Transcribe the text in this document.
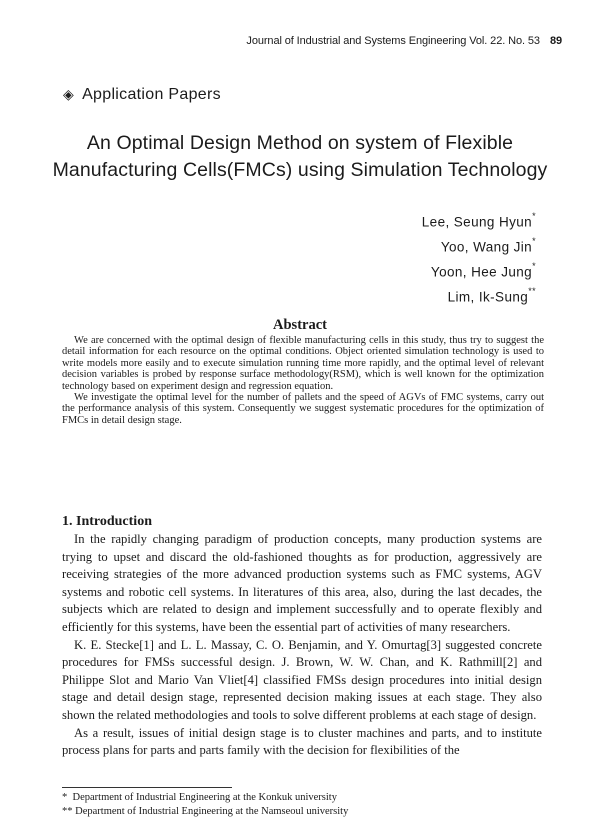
Journal of Industrial and Systems Engineering Vol. 22. No. 53 89
◈ Application Papers
An Optimal Design Method on system of Flexible
Manufacturing Cells(FMCs) using Simulation Technology
Lee, Seung Hyun*
Yoo, Wang Jin*
Yoon, Hee Jung*
Lim, Ik-Sung**
Abstract

We are concerned with the optimal design of flexible manufacturing cells in this study, thus try to suggest the detail information for each resource on the optimal conditions. Object oriented simulation technology is used to write models more easily and to execute simulation running time more rapidly, and the optimal level of relevant decision variables is probed by response surface methodology(RSM), which is well known for the optimization technology based on experiment design and regression equation.

We investigate the optimal level for the number of pallets and the speed of AGVs of FMC systems, carry out the performance analysis of this system. Consequently we suggest systematic procedures for the optimization of FMCs in detail design stage.

1. Introduction

In the rapidly changing paradigm of production concepts, many production systems are trying to upset and discard the old-fashioned thoughts as for production, aggressively are receiving strategies of the more advanced production systems such as FMC systems, AGV systems and robotic cell systems. In literatures of this area, also, during the last decades, the subjects which are related to design and implement successfully and to operate flexibly and efficiently for this systems, have been the essential part of activities of many researchers.

K. E. Stecke[1] and L. L. Massay, C. O. Benjamin, and Y. Omurtag[3] suggested concrete procedures for FMSs successful design. J. Brown, W. W. Chan, and K. Rathmill[2] and Philippe Slot and Mario Van Vliet[4] classified FMSs design procedures into initial design stage and detail design stage, represented decision making issues at each stage. They also shown the related methodologies and tools to solve different problems at each stage of design.

As a result, issues of initial design stage is to cluster machines and parts, and to institute process plans for parts and parts family with the decision for flexibilities of the

* Department of Industrial Engineering at the Konkuk university
** Department of Industrial Engineering at the Namseoul university
